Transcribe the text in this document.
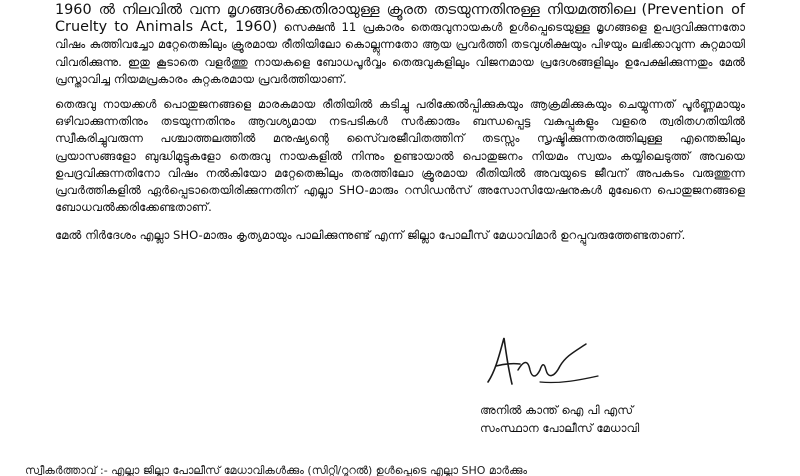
1960 ൽ നിലവിൽ വന്ന മൃഗങ്ങൾക്കെതിരായുള്ള ക്രൂരത തടയുന്നതിനുള്ള നിയമത്തിലെ (Prevention of Cruelty to Animals Act, 1960) സെക്ഷൻ 11 പ്രകാരം തെരുവുനായകൾ ഉൾപ്പെടെയുള്ള മൃഗങ്ങളെ ഉപദ്രവിക്കുന്നതോ വിഷം കുത്തിവച്ചോ മറ്റേതെങ്കിലും ക്രൂരമായ രീതിയിലോ കൊല്ലുന്നതോ ആയ പ്രവർത്തി തടവുശിക്ഷയും പിഴയും ലഭിക്കാവുന്ന കുറ്റമായി വിവരിക്കുന്നു. ഇതു കൂടാതെ വളർത്തു നായകളെ ബോധപൂർവ്വം തെരുവുകളിലും വിജനമായ പ്രദേശങ്ങളിലും ഉപേക്ഷിക്കുന്നതും മേൽ പ്രസ്താവിച്ച നിയമപ്രകാരം കുറ്റകരമായ പ്രവർത്തിയാണ്.

തെരുവു നായക്കൾ പൊതുജനങ്ങളെ മാരകമായ രീതിയിൽ കടിച്ചു പരിക്കേൽപ്പിക്കുകയും ആക്രമിക്കുകയും ചെയ്യുന്നത് പൂർണ്ണമായും ഒഴിവാക്കുന്നതിനും തടയുന്നതിനും ആവശ്യമായ നടപടികൾ സർക്കാരും ബന്ധപ്പെട്ട വകുപ്പുകളും വളരെ ത്വരിതഗതിയിൽ സ്വീകരിച്ചുവരുന്ന പശ്ചാത്തലത്തിൽ മനുഷ്യന്റെ സൈ്വരജീവിതത്തിന് തടസ്സം സൃഷ്ടിക്കുന്നതരത്തിലുള്ള എന്തെങ്കിലും പ്രയാസങ്ങളോ ബുദ്ധിമുട്ടുകളോ തെരുവു നായകളിൽ നിന്നും ഉണ്ടായാൽ പൊതുജനം നിയമം സ്വയം കയ്യിലെടുത്ത് അവയെ ഉപദ്രവിക്കുന്നതിനോ വിഷം നൽകിയോ മറ്റേതെങ്കിലും തരത്തിലോ ക്രൂരമായ രീതിയിൽ അവയുടെ ജീവന് അപകടം വരുത്തുന്ന പ്രവർത്തികളിൽ ഏർപ്പെടാതെയിരിക്കുന്നതിന് എല്ലാ SHO-മാരും റസിഡൻസ് അസോസിയേഷനുകൾ മുഖേനെ പൊതുജനങ്ങളെ ബോധവൽക്കരിക്കേണ്ടതാണ്.

മേൽ നിർദേശം എല്ലാ SHO-മാരും കൃത്യമായും പാലിക്കുന്നുണ്ട് എന്ന് ജില്ലാ പോലീസ് മേധാവിമാർ ഉറപ്പുവരുത്തേണ്ടതാണ്.

അനിൽ കാന്ത് ഐ പി എസ്
സംസ്ഥാന പോലീസ് മേധാവി
സ്വീകർത്താവ് :- എല്ലാ ജില്ലാ പോലീസ് മേധാവികൾക്കും (സിറ്റി/റൂറൽ) ഉൾപ്പെടെ എല്ലാ SHO മാർക്കും
